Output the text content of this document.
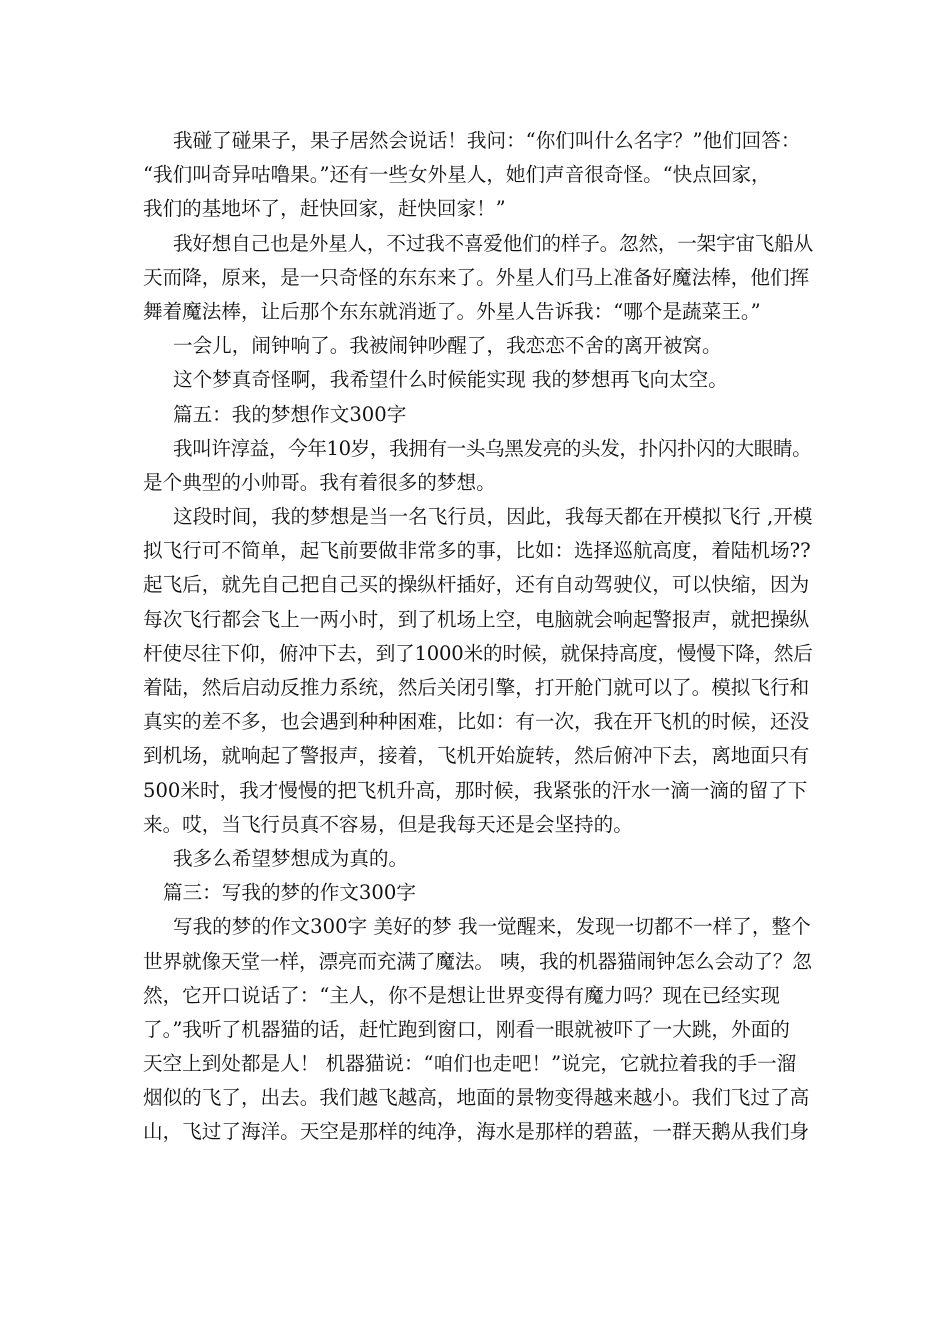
我碰了碰果子，果子居然会说话！我问：“你们叫什么名字？”他们回答：
“我们叫奇异咕噜果。”还有一些女外星人，她们声音很奇怪。“快点回家，
我们的基地坏了，赶快回家，赶快回家！”
我好想自己也是外星人，不过我不喜爱他们的样子。忽然，一架宇宙飞船从
天而降，原来，是一只奇怪的东东来了。外星人们马上准备好魔法棒，他们挥
舞着魔法棒，让后那个东东就消逝了。外星人告诉我：“哪个是蔬菜王。”
一会儿，闹钟响了。我被闹钟吵醒了，我恋恋不舍的离开被窝。
这个梦真奇怪啊，我希望什么时候能实现 我的梦想再飞向太空。
篇五：我的梦想作文300字
我叫许淳益，今年10岁，我拥有一头乌黑发亮的头发，扑闪扑闪的大眼睛。
是个典型的小帅哥。我有着很多的梦想。
这段时间，我的梦想是当一名飞行员，因此，我每天都在开模拟飞行 ,开模
拟飞行可不简单，起飞前要做非常多的事，比如：选择巡航高度，着陆机场??
起飞后，就先自己把自己买的操纵杆插好，还有自动驾驶仪，可以快缩，因为
每次飞行都会飞上一两小时，到了机场上空，电脑就会响起警报声，就把操纵
杆使尽往下仰，俯冲下去，到了1000米的时候，就保持高度，慢慢下降，然后
着陆，然后启动反推力系统，然后关闭引擎，打开舱门就可以了。模拟飞行和
真实的差不多，也会遇到种种困难，比如：有一次，我在开飞机的时候，还没
到机场，就响起了警报声，接着，飞机开始旋转，然后俯冲下去，离地面只有
500米时，我才慢慢的把飞机升高，那时候，我紧张的汗水一滴一滴的留了下
来。哎，当飞行员真不容易，但是我每天还是会坚持的。
我多么希望梦想成为真的。
篇三：写我的梦的作文300字
写我的梦的作文300字 美好的梦 我一觉醒来，发现一切都不一样了，整个
世界就像天堂一样，漂亮而充满了魔法。 咦，我的机器猫闹钟怎么会动了？忽
然，它开口说话了：“主人，你不是想让世界变得有魔力吗？现在已经实现
了。”我听了机器猫的话，赶忙跑到窗口，刚看一眼就被吓了一大跳，外面的
天空上到处都是人！ 机器猫说：“咱们也走吧！”说完，它就拉着我的手一溜
烟似的飞了，出去。我们越飞越高，地面的景物变得越来越小。我们飞过了高
山，飞过了海洋。天空是那样的纯净，海水是那样的碧蓝，一群天鹅从我们身
